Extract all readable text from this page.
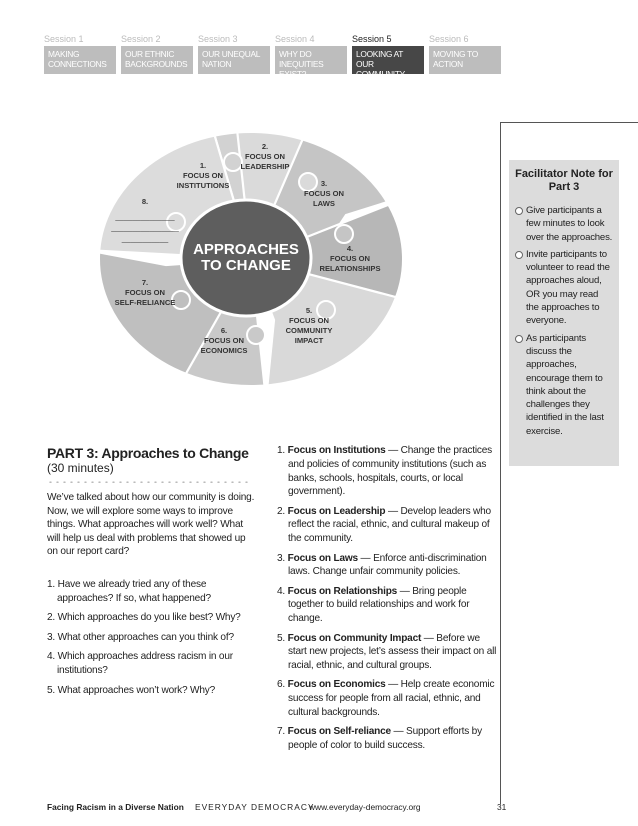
Session 1
MAKING
CONNECTIONS
Session 2
OUR ETHNIC
BACKGROUNDS
Session 3
OUR UNEQUAL
NATION
Session 4
WHY DO
INEQUITIES EXIST?
Session 5
LOOKING AT OUR
COMMUNITY
Session 6
MOVING TO
ACTION
APPROACHES
TO CHANGE
1.
FOCUS ON
INSTITUTIONS
2.
FOCUS ON
LEADERSHIP
3.
FOCUS ON
LAWS
4.
FOCUS ON
RELATIONSHIPS
5.
FOCUS ON
COMMUNITY
IMPACT
6.
FOCUS ON
ECONOMICS
7.
FOCUS ON
SELF-RELIANCE
8.
______________
________________
___________
Facilitator Note for Part 3
Give participants a few minutes to look over the approaches.
Invite participants to volunteer to read the approaches aloud, OR you may read the approaches to everyone.
As participants discuss the approaches, encourage them to think about the challenges they identified in the last exercise.
PART 3: Approaches to Change
(30 minutes)
We’ve talked about how our community is doing. Now, we will explore some ways to improve things. What approaches will work well? What will help us deal with problems that showed up on our report card?
1. Have we already tried any of these approaches? If so, what happened?
2. Which approaches do you like best? Why?
3. What other approaches can you think of?
4. Which approaches address racism in our institutions?
5. What approaches won’t work? Why?
1. Focus on Institutions — Change the practices and policies of community institutions (such as banks, schools, hospitals, courts, or local government).
2. Focus on Leadership — Develop leaders who reflect the racial, ethnic, and cultural makeup of the community.
3. Focus on Laws — Enforce anti-discrimination laws. Change unfair community policies.
4. Focus on Relationships — Bring people together to build relationships and work for change.
5. Focus on Community Impact — Before we start new projects, let’s assess their impact on all racial, ethnic, and cultural groups.
6. Focus on Economics — Help create economic success for people from all racial, ethnic, and cultural backgrounds.
7. Focus on Self-reliance — Support efforts by people of color to build success.
Facing Racism in a Diverse Nation EVERYDAY DEMOCRACY
www.everyday-democracy.org	31
